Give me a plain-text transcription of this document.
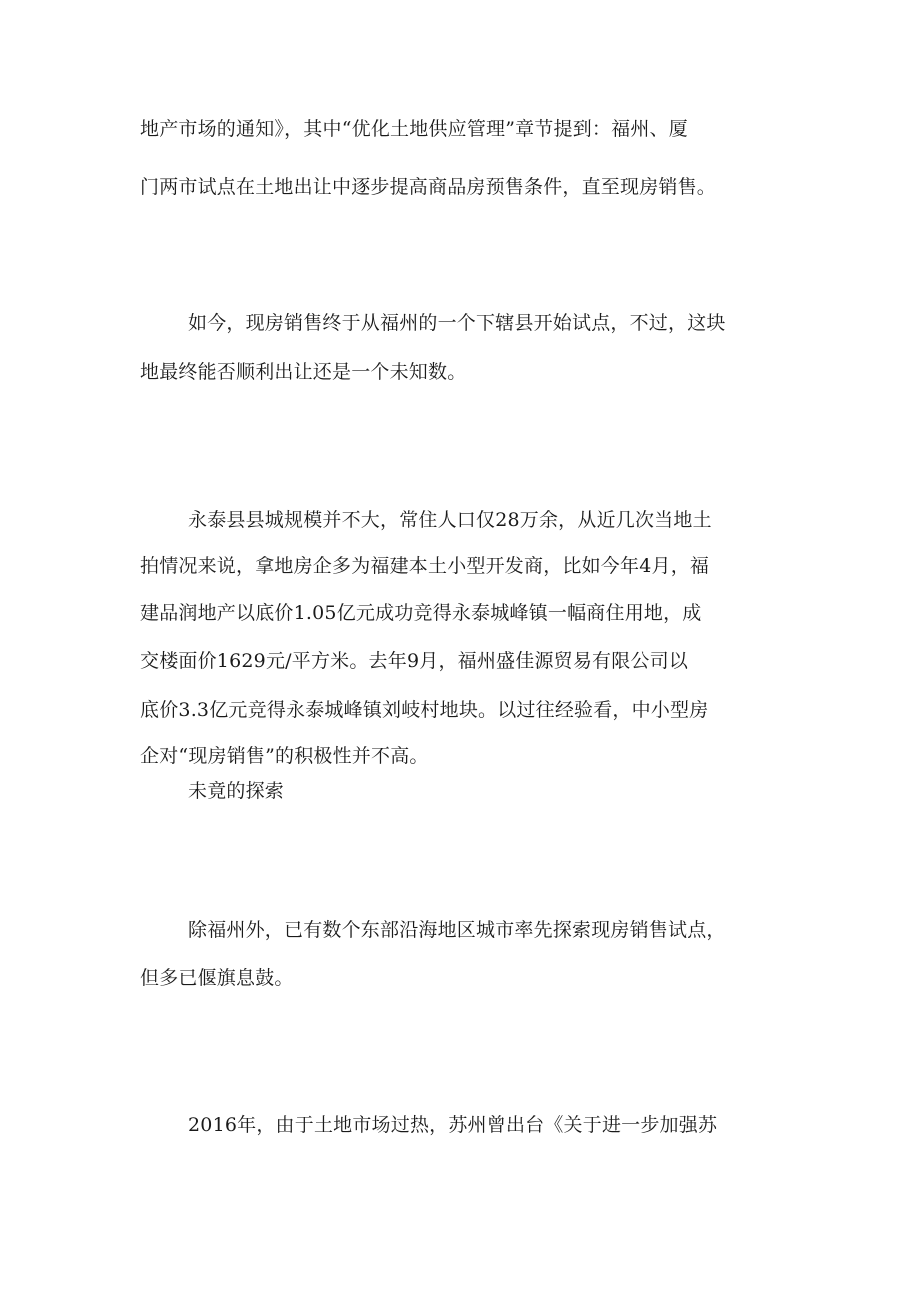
地产市场的通知》，其中“优化土地供应管理”章节提到：福州、厦
门两市试点在土地出让中逐步提高商品房预售条件，直至现房销售。
如今，现房销售终于从福州的一个下辖县开始试点，不过，这块
地最终能否顺利出让还是一个未知数。
永泰县县城规模并不大，常住人口仅28万余，从近几次当地土
拍情况来说，拿地房企多为福建本土小型开发商，比如今年4月，福
建品润地产以底价1.05亿元成功竞得永泰城峰镇一幅商住用地，成
交楼面价1629元/平方米。去年9月，福州盛佳源贸易有限公司以
底价3.3亿元竞得永泰城峰镇刘岐村地块。以过往经验看，中小型房
企对“现房销售”的积极性并不高。
未竟的探索
除福州外，已有数个东部沿海地区城市率先探索现房销售试点，
但多已偃旗息鼓。
2016年，由于土地市场过热，苏州曾出台《关于进一步加强苏
